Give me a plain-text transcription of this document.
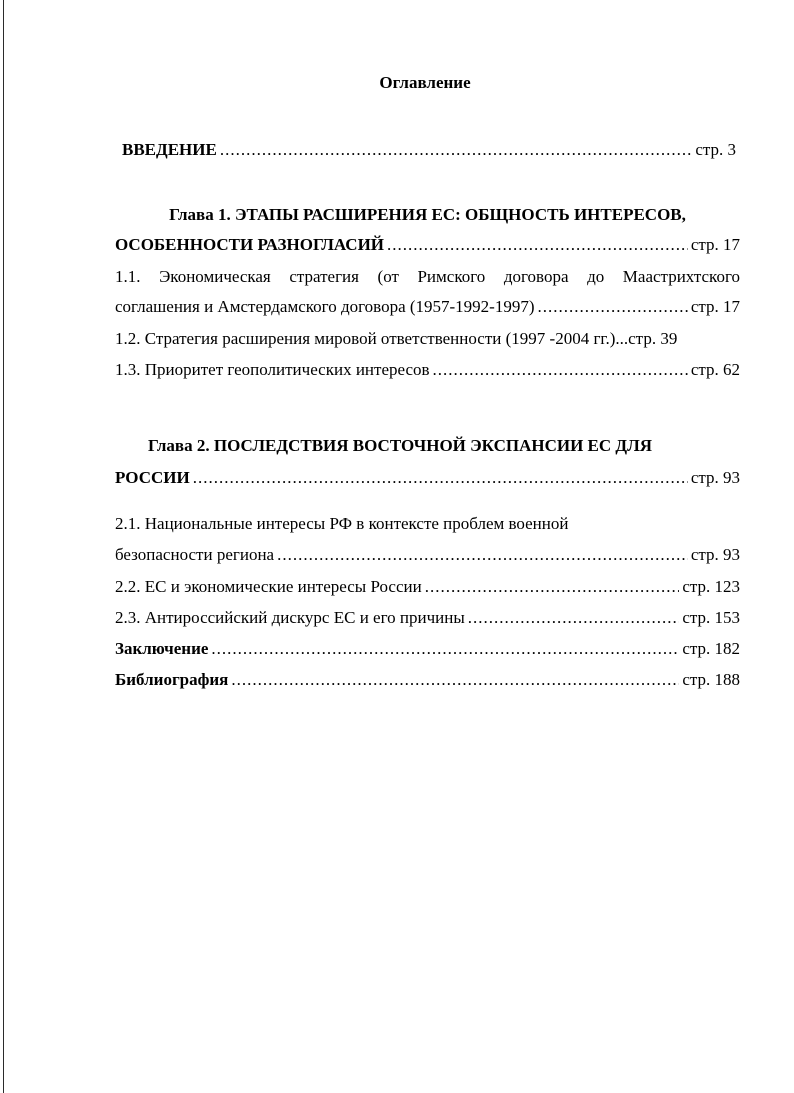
Оглавление
ВВЕДЕНИЕ .....	стр. 3
Глава 1. ЭТАПЫ РАСШИРЕНИЯ ЕС: ОБЩНОСТЬ ИНТЕРЕСОВ,
ОСОБЕННОСТИ РАЗНОГЛАСИЙ .....	стр. 17
1.1. Экономическая стратегия (от Римского договора до Маастрихтского
соглашения и Амстердамского договора (1957-1992-1997) .....	стр. 17
1.2. Стратегия расширения мировой ответственности (1997 -2004 гг.) ...стр. 39
1.3. Приоритет геополитических интересов .....	стр. 62
Глава 2. ПОСЛЕДСТВИЯ ВОСТОЧНОЙ ЭКСПАНСИИ ЕС ДЛЯ
РОССИИ .....	стр. 93
2.1. Национальные интересы РФ в контексте проблем военной
безопасности региона .....	стр. 93
2.2. ЕС и экономические интересы России .....	стр. 123
2.3. Антироссийский дискурс ЕС и его причины .....	стр. 153
Заключение .....	стр. 182
Библиография .....	стр. 188
